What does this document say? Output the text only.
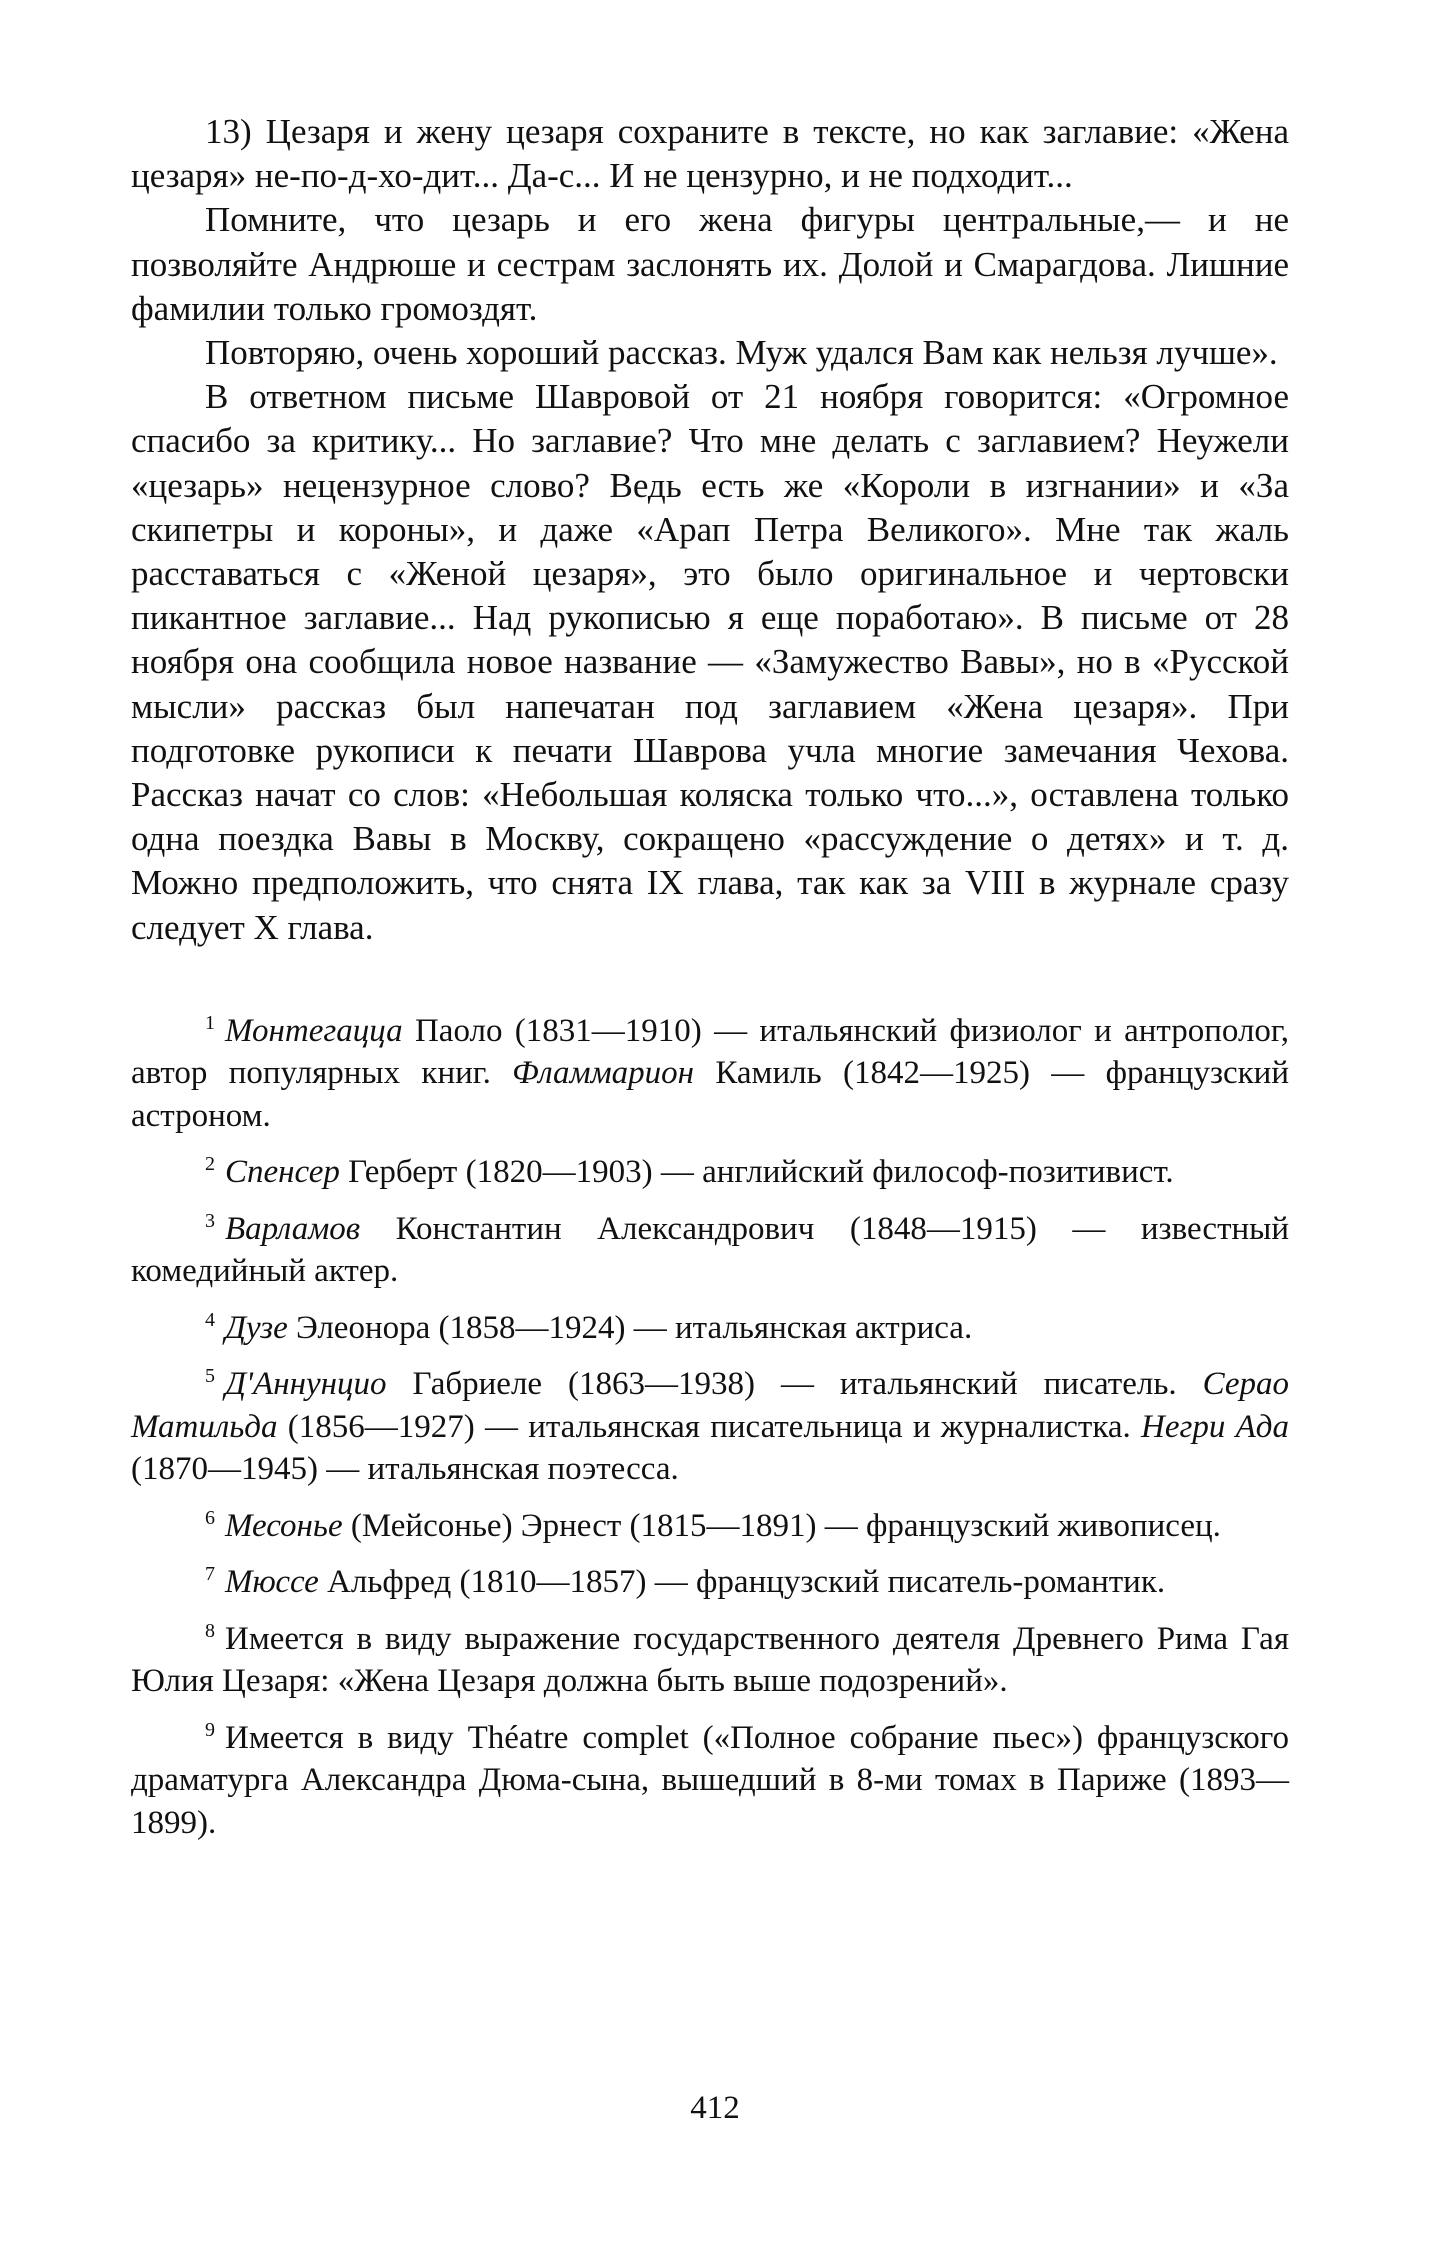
13) Цезаря и жену цезаря сохраните в тексте, но как заглавие: «Жена цезаря» не-по-д-хо-дит... Да-с... И не цензурно, и не подходит...

Помните, что цезарь и его жена фигуры центральные,— и не позволяйте Андрюше и сестрам заслонять их. Долой и Смарагдова. Лишние фамилии только громоздят.

Повторяю, очень хороший рассказ. Муж удался Вам как нельзя лучше».

В ответном письме Шавровой от 21 ноября говорится: «Огромное спасибо за критику... Но заглавие? Что мне делать с заглавием? Неужели «цезарь» нецензурное слово? Ведь есть же «Короли в изгнании» и «За скипетры и короны», и даже «Арап Петра Великого». Мне так жаль расставаться с «Женой цезаря», это было оригинальное и чертовски пикантное заглавие... Над рукописью я еще поработаю». В письме от 28 ноября она сообщила новое название — «Замужество Вавы», но в «Русской мысли» рассказ был напечатан под заглавием «Жена цезаря». При подготовке рукописи к печати Шаврова учла многие замечания Чехова. Рассказ начат со слов: «Небольшая коляска только что...», оставлена только одна поездка Вавы в Москву, сокращено «рассуждение о детях» и т. д. Можно предположить, что снята IX глава, так как за VIII в журнале сразу следует X глава.

$^1$ Монтегацца Паоло (1831—1910) — итальянский физиолог и антрополог, автор популярных книг. Фламмарион Камиль (1842—1925) — французский астроном.

$^2$ Спенсер Герберт (1820—1903) — английский философ-позитивист.

$^3$ Варламов Константин Александрович (1848—1915) — известный комедийный актер.

$^4$ Дузе Элеонора (1858—1924) — итальянская актриса.

$^5$ Д'Аннунцио Габриеле (1863—1938) — итальянский писатель. Серао Матильда (1856—1927) — итальянская писательница и журналистка. Негри Ада (1870—1945) — итальянская поэтесса.

$^6$ Месонье (Мейсонье) Эрнест (1815—1891) — французский живописец.

$^7$ Мюссе Альфред (1810—1857) — французский писатель-романтик.

$^8$ Имеется в виду выражение государственного деятеля Древнего Рима Гая Юлия Цезаря: «Жена Цезаря должна быть выше подозрений».

$^9$ Имеется в виду Théatre complet («Полное собрание пьес») французского драматурга Александра Дюма-сына, вышедший в 8-ми томах в Париже (1893—1899).

412
